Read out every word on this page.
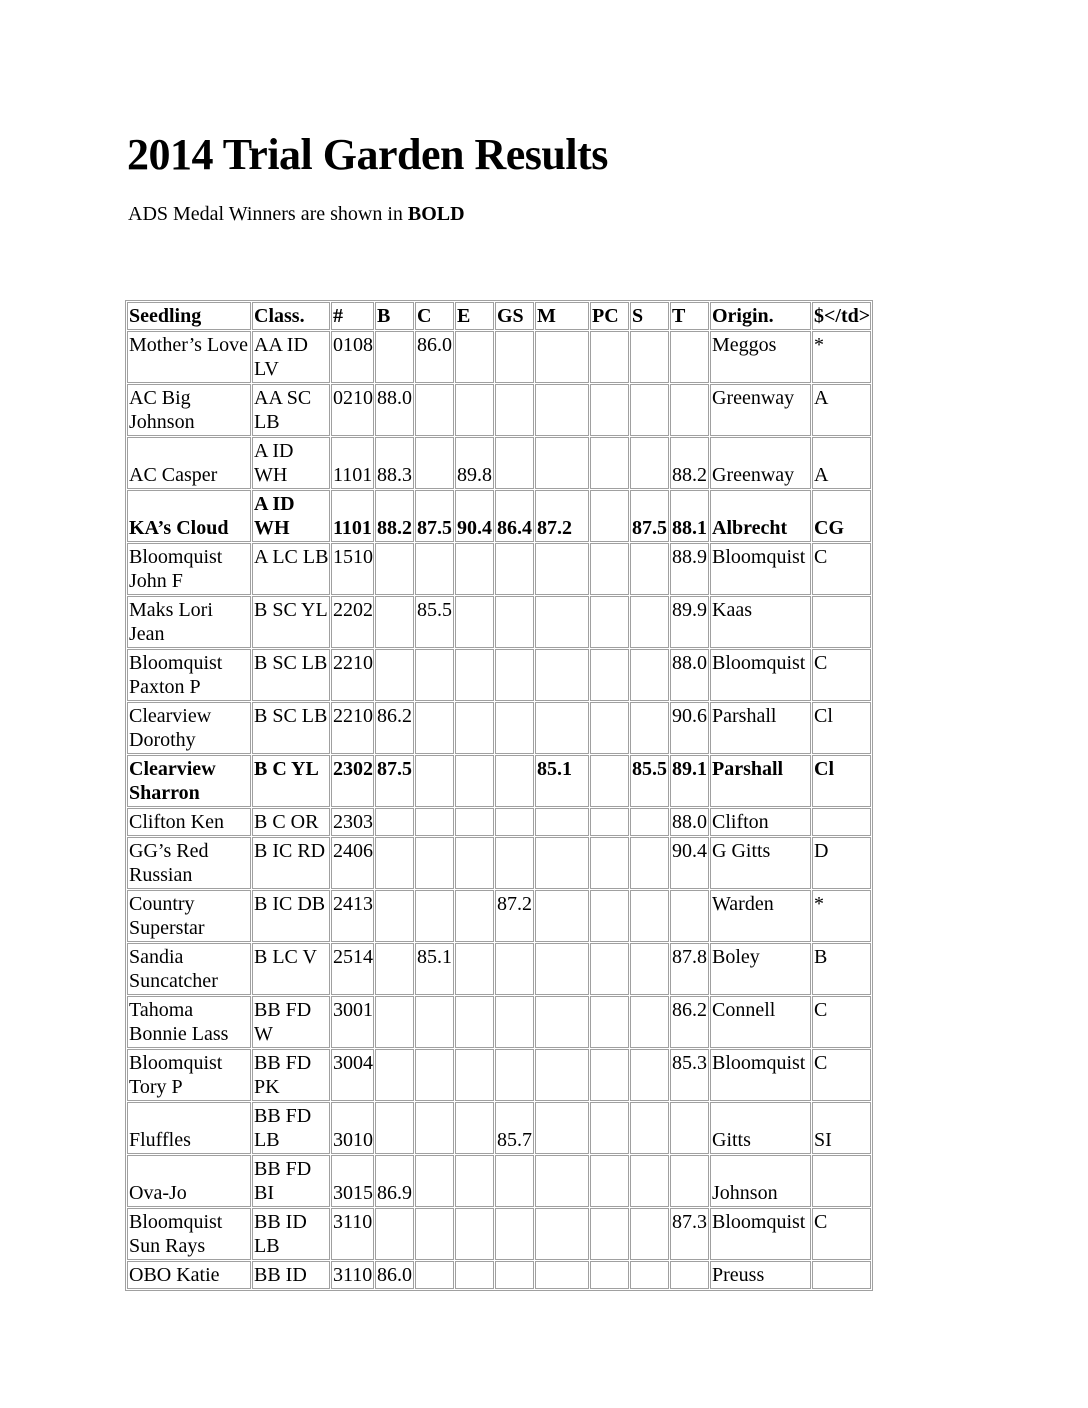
2014 Trial Garden Results

ADS Medal Winners are shown in BOLD

Seedling	Class.	#	B	C	E	GS	M	PC	S	T	Origin.	$</td>
Mother’s Love	AA ID LV	0108		86.0							Meggos	*
AC Big Johnson	AA SC LB	0210	88.0								Greenway	A
AC Casper	A ID WH	1101	88.3		89.8					88.2	Greenway	A
KA’s Cloud	A ID WH	1101	88.2	87.5	90.4	86.4	87.2		87.5	88.1	Albrecht	CG
Bloomquist John F	A LC LB	1510								88.9	Bloomquist	C
Maks Lori Jean	B SC YL	2202		85.5						89.9	Kaas	
Bloomquist Paxton P	B SC LB	2210								88.0	Bloomquist	C
Clearview Dorothy	B SC LB	2210	86.2							90.6	Parshall	Cl
Clearview Sharron	B C YL	2302	87.5				85.1		85.5	89.1	Parshall	Cl
Clifton Ken	B C OR	2303								88.0	Clifton	
GG’s Red Russian	B IC RD	2406								90.4	G Gitts	D
Country Superstar	B IC DB	2413				87.2					Warden	*
Sandia Suncatcher	B LC V	2514		85.1						87.8	Boley	B
Tahoma Bonnie Lass	BB FD W	3001								86.2	Connell	C
Bloomquist Tory P	BB FD PK	3004								85.3	Bloomquist	C
Fluffles	BB FD LB	3010				85.7					Gitts	SI
Ova-Jo	BB FD BI	3015	86.9								Johnson	
Bloomquist Sun Rays	BB ID LB	3110								87.3	Bloomquist	C
OBO Katie	BB ID	3110	86.0								Preuss	
